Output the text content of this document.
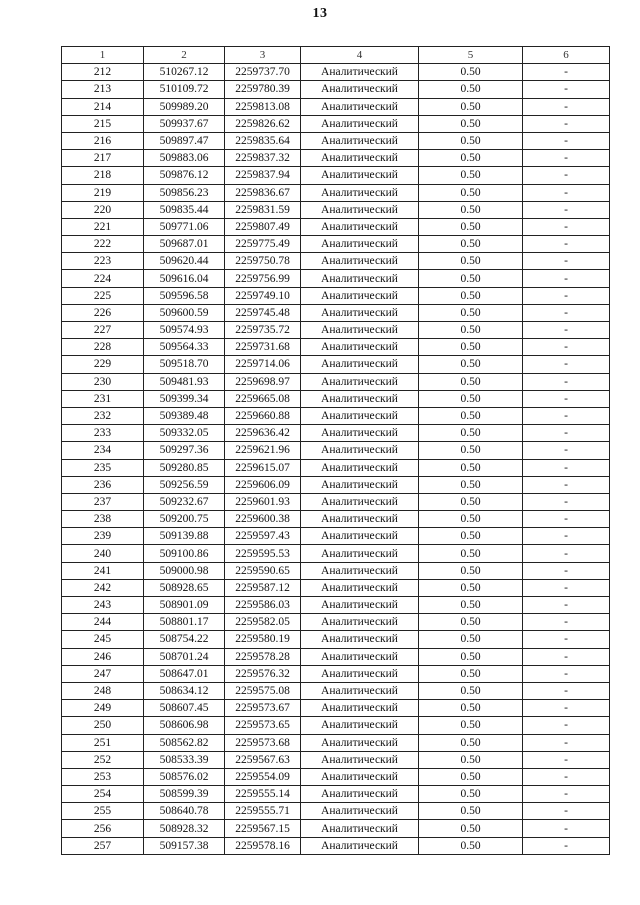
13
1	2	3	4	5	6
212	510267.12	2259737.70	Аналитический	0.50	-
213	510109.72	2259780.39	Аналитический	0.50	-
214	509989.20	2259813.08	Аналитический	0.50	-
215	509937.67	2259826.62	Аналитический	0.50	-
216	509897.47	2259835.64	Аналитический	0.50	-
217	509883.06	2259837.32	Аналитический	0.50	-
218	509876.12	2259837.94	Аналитический	0.50	-
219	509856.23	2259836.67	Аналитический	0.50	-
220	509835.44	2259831.59	Аналитический	0.50	-
221	509771.06	2259807.49	Аналитический	0.50	-
222	509687.01	2259775.49	Аналитический	0.50	-
223	509620.44	2259750.78	Аналитический	0.50	-
224	509616.04	2259756.99	Аналитический	0.50	-
225	509596.58	2259749.10	Аналитический	0.50	-
226	509600.59	2259745.48	Аналитический	0.50	-
227	509574.93	2259735.72	Аналитический	0.50	-
228	509564.33	2259731.68	Аналитический	0.50	-
229	509518.70	2259714.06	Аналитический	0.50	-
230	509481.93	2259698.97	Аналитический	0.50	-
231	509399.34	2259665.08	Аналитический	0.50	-
232	509389.48	2259660.88	Аналитический	0.50	-
233	509332.05	2259636.42	Аналитический	0.50	-
234	509297.36	2259621.96	Аналитический	0.50	-
235	509280.85	2259615.07	Аналитический	0.50	-
236	509256.59	2259606.09	Аналитический	0.50	-
237	509232.67	2259601.93	Аналитический	0.50	-
238	509200.75	2259600.38	Аналитический	0.50	-
239	509139.88	2259597.43	Аналитический	0.50	-
240	509100.86	2259595.53	Аналитический	0.50	-
241	509000.98	2259590.65	Аналитический	0.50	-
242	508928.65	2259587.12	Аналитический	0.50	-
243	508901.09	2259586.03	Аналитический	0.50	-
244	508801.17	2259582.05	Аналитический	0.50	-
245	508754.22	2259580.19	Аналитический	0.50	-
246	508701.24	2259578.28	Аналитический	0.50	-
247	508647.01	2259576.32	Аналитический	0.50	-
248	508634.12	2259575.08	Аналитический	0.50	-
249	508607.45	2259573.67	Аналитический	0.50	-
250	508606.98	2259573.65	Аналитический	0.50	-
251	508562.82	2259573.68	Аналитический	0.50	-
252	508533.39	2259567.63	Аналитический	0.50	-
253	508576.02	2259554.09	Аналитический	0.50	-
254	508599.39	2259555.14	Аналитический	0.50	-
255	508640.78	2259555.71	Аналитический	0.50	-
256	508928.32	2259567.15	Аналитический	0.50	-
257	509157.38	2259578.16	Аналитический	0.50	-
